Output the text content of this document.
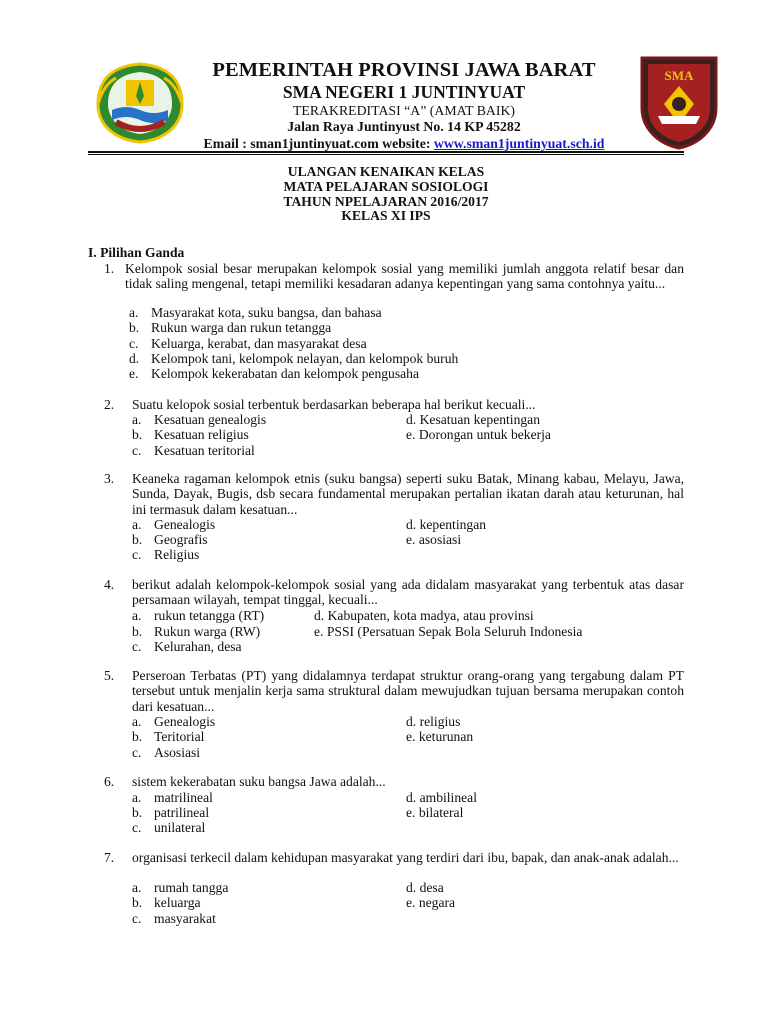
SMA
PEMERINTAH PROVINSI JAWA BARAT
SMA NEGERI 1 JUNTINYUAT
TERAKREDITASI “A” (AMAT BAIK)
Jalan Raya Juntinyust No. 14 KP 45282
Email : sman1juntinyuat.com website: www.sman1juntinyuat.sch.id
ULANGAN KENAIKAN KELAS
MATA PELAJARAN SOSIOLOGI
TAHUN NPELAJARAN 2016/2017
KELAS XI IPS
I. Pilihan Ganda
1. Kelompok sosial besar merupakan kelompok sosial yang memiliki jumlah anggota relatif besar dan tidak saling mengenal, tetapi memiliki kesadaran adanya kepentingan yang sama contohnya yaitu...
a. Masyarakat kota, suku bangsa, dan bahasa
b. Rukun warga dan rukun tetangga
c. Keluarga, kerabat, dan masyarakat desa
d. Kelompok tani, kelompok nelayan, dan kelompok buruh
e. Kelompok kekerabatan dan kelompok pengusaha
2. Suatu kelopok sosial terbentuk berdasarkan beberapa hal berikut kecuali...
a. Kesatuan genealogis
b. Kesatuan religius
c. Kesatuan teritorial
d. Kesatuan kepentingan
e. Dorongan untuk bekerja
3. Keaneka ragaman kelompok etnis (suku bangsa) seperti suku Batak, Minang kabau, Melayu, Jawa, Sunda, Dayak, Bugis, dsb secara fundamental merupakan pertalian ikatan darah atau keturunan, hal ini termasuk dalam kesatuan...
a. Genealogis
b. Geografis
c. Religius
d. kepentingan
e. asosiasi
4. berikut adalah kelompok-kelompok sosial yang ada didalam masyarakat yang terbentuk atas dasar persamaan wilayah, tempat tinggal, kecuali...
a. rukun tetangga (RT)
b. Rukun warga (RW)
c. Kelurahan, desa
d. Kabupaten, kota madya, atau provinsi
e. PSSI (Persatuan Sepak Bola Seluruh Indonesia
5. Perseroan Terbatas (PT) yang didalamnya terdapat struktur orang-orang yang tergabung dalam PT tersebut untuk menjalin kerja sama struktural dalam mewujudkan tujuan bersama merupakan contoh dari kesatuan...
a. Genealogis
b. Teritorial
c. Asosiasi
d. religius
e. keturunan
6. sistem kekerabatan suku bangsa Jawa adalah...
a. matrilineal
b. patrilineal
c. unilateral
d. ambilineal
e. bilateral
7. organisasi terkecil dalam kehidupan masyarakat yang terdiri dari ibu, bapak, dan anak-anak adalah...
a. rumah tangga
b. keluarga
c. masyarakat
d. desa
e. negara
